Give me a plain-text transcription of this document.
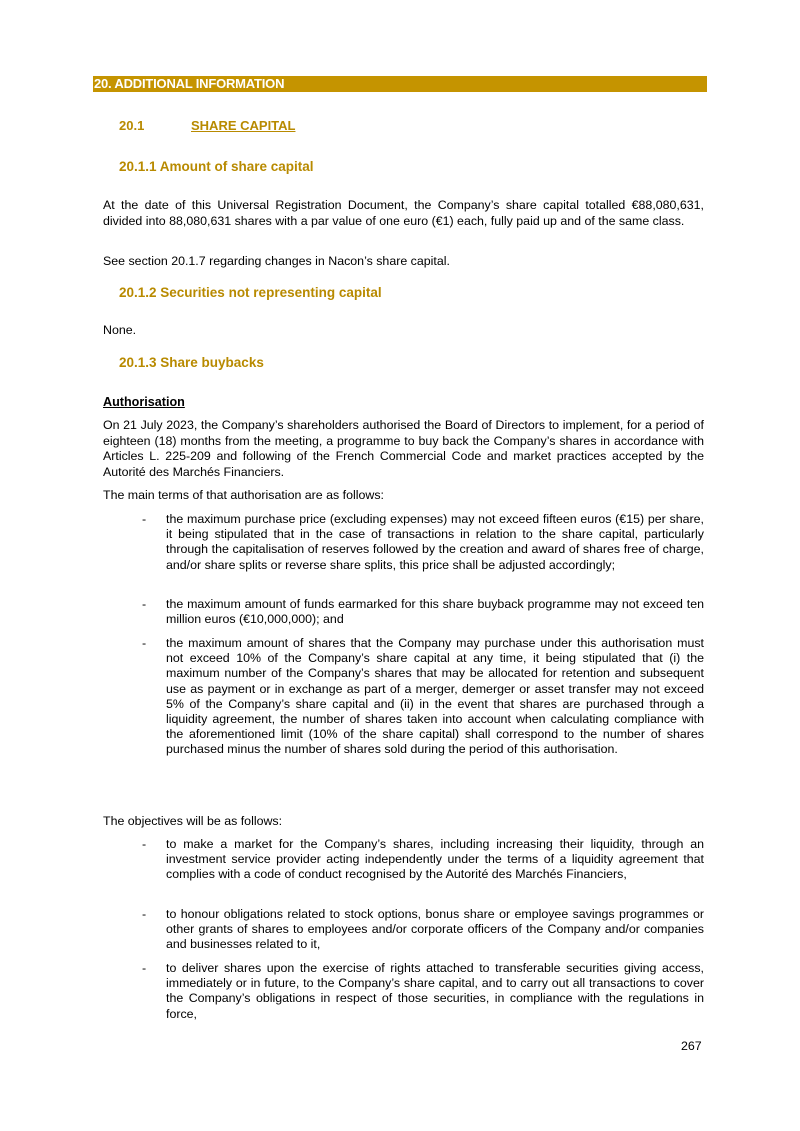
20. ADDITIONAL INFORMATION
20.1	SHARE CAPITAL
20.1.1 Amount of share capital
At the date of this Universal Registration Document, the Company’s share capital totalled €88,080,631, divided into 88,080,631 shares with a par value of one euro (€1) each, fully paid up and of the same class.
See section 20.1.7 regarding changes in Nacon’s share capital.
20.1.2 Securities not representing capital
None.
20.1.3 Share buybacks
Authorisation
On 21 July 2023, the Company’s shareholders authorised the Board of Directors to implement, for a period of eighteen (18) months from the meeting, a programme to buy back the Company’s shares in accordance with Articles L. 225-209 and following of the French Commercial Code and market practices accepted by the Autorité des Marchés Financiers.
The main terms of that authorisation are as follows:
-	the maximum purchase price (excluding expenses) may not exceed fifteen euros (€15) per share, it being stipulated that in the case of transactions in relation to the share capital, particularly through the capitalisation of reserves followed by the creation and award of shares free of charge, and/or share splits or reverse share splits, this price shall be adjusted accordingly;
-	the maximum amount of funds earmarked for this share buyback programme may not exceed ten million euros (€10,000,000); and
-	the maximum amount of shares that the Company may purchase under this authorisation must not exceed 10% of the Company’s share capital at any time, it being stipulated that (i) the maximum number of the Company’s shares that may be allocated for retention and subsequent use as payment or in exchange as part of a merger, demerger or asset transfer may not exceed 5% of the Company’s share capital and (ii) in the event that shares are purchased through a liquidity agreement, the number of shares taken into account when calculating compliance with the aforementioned limit (10% of the share capital) shall correspond to the number of shares purchased minus the number of shares sold during the period of this authorisation.
The objectives will be as follows:
-	to make a market for the Company’s shares, including increasing their liquidity, through an investment service provider acting independently under the terms of a liquidity agreement that complies with a code of conduct recognised by the Autorité des Marchés Financiers,
-	to honour obligations related to stock options, bonus share or employee savings programmes or other grants of shares to employees and/or corporate officers of the Company and/or companies and businesses related to it,
-	to deliver shares upon the exercise of rights attached to transferable securities giving access, immediately or in future, to the Company’s share capital, and to carry out all transactions to cover the Company’s obligations in respect of those securities, in compliance with the regulations in force,
267
